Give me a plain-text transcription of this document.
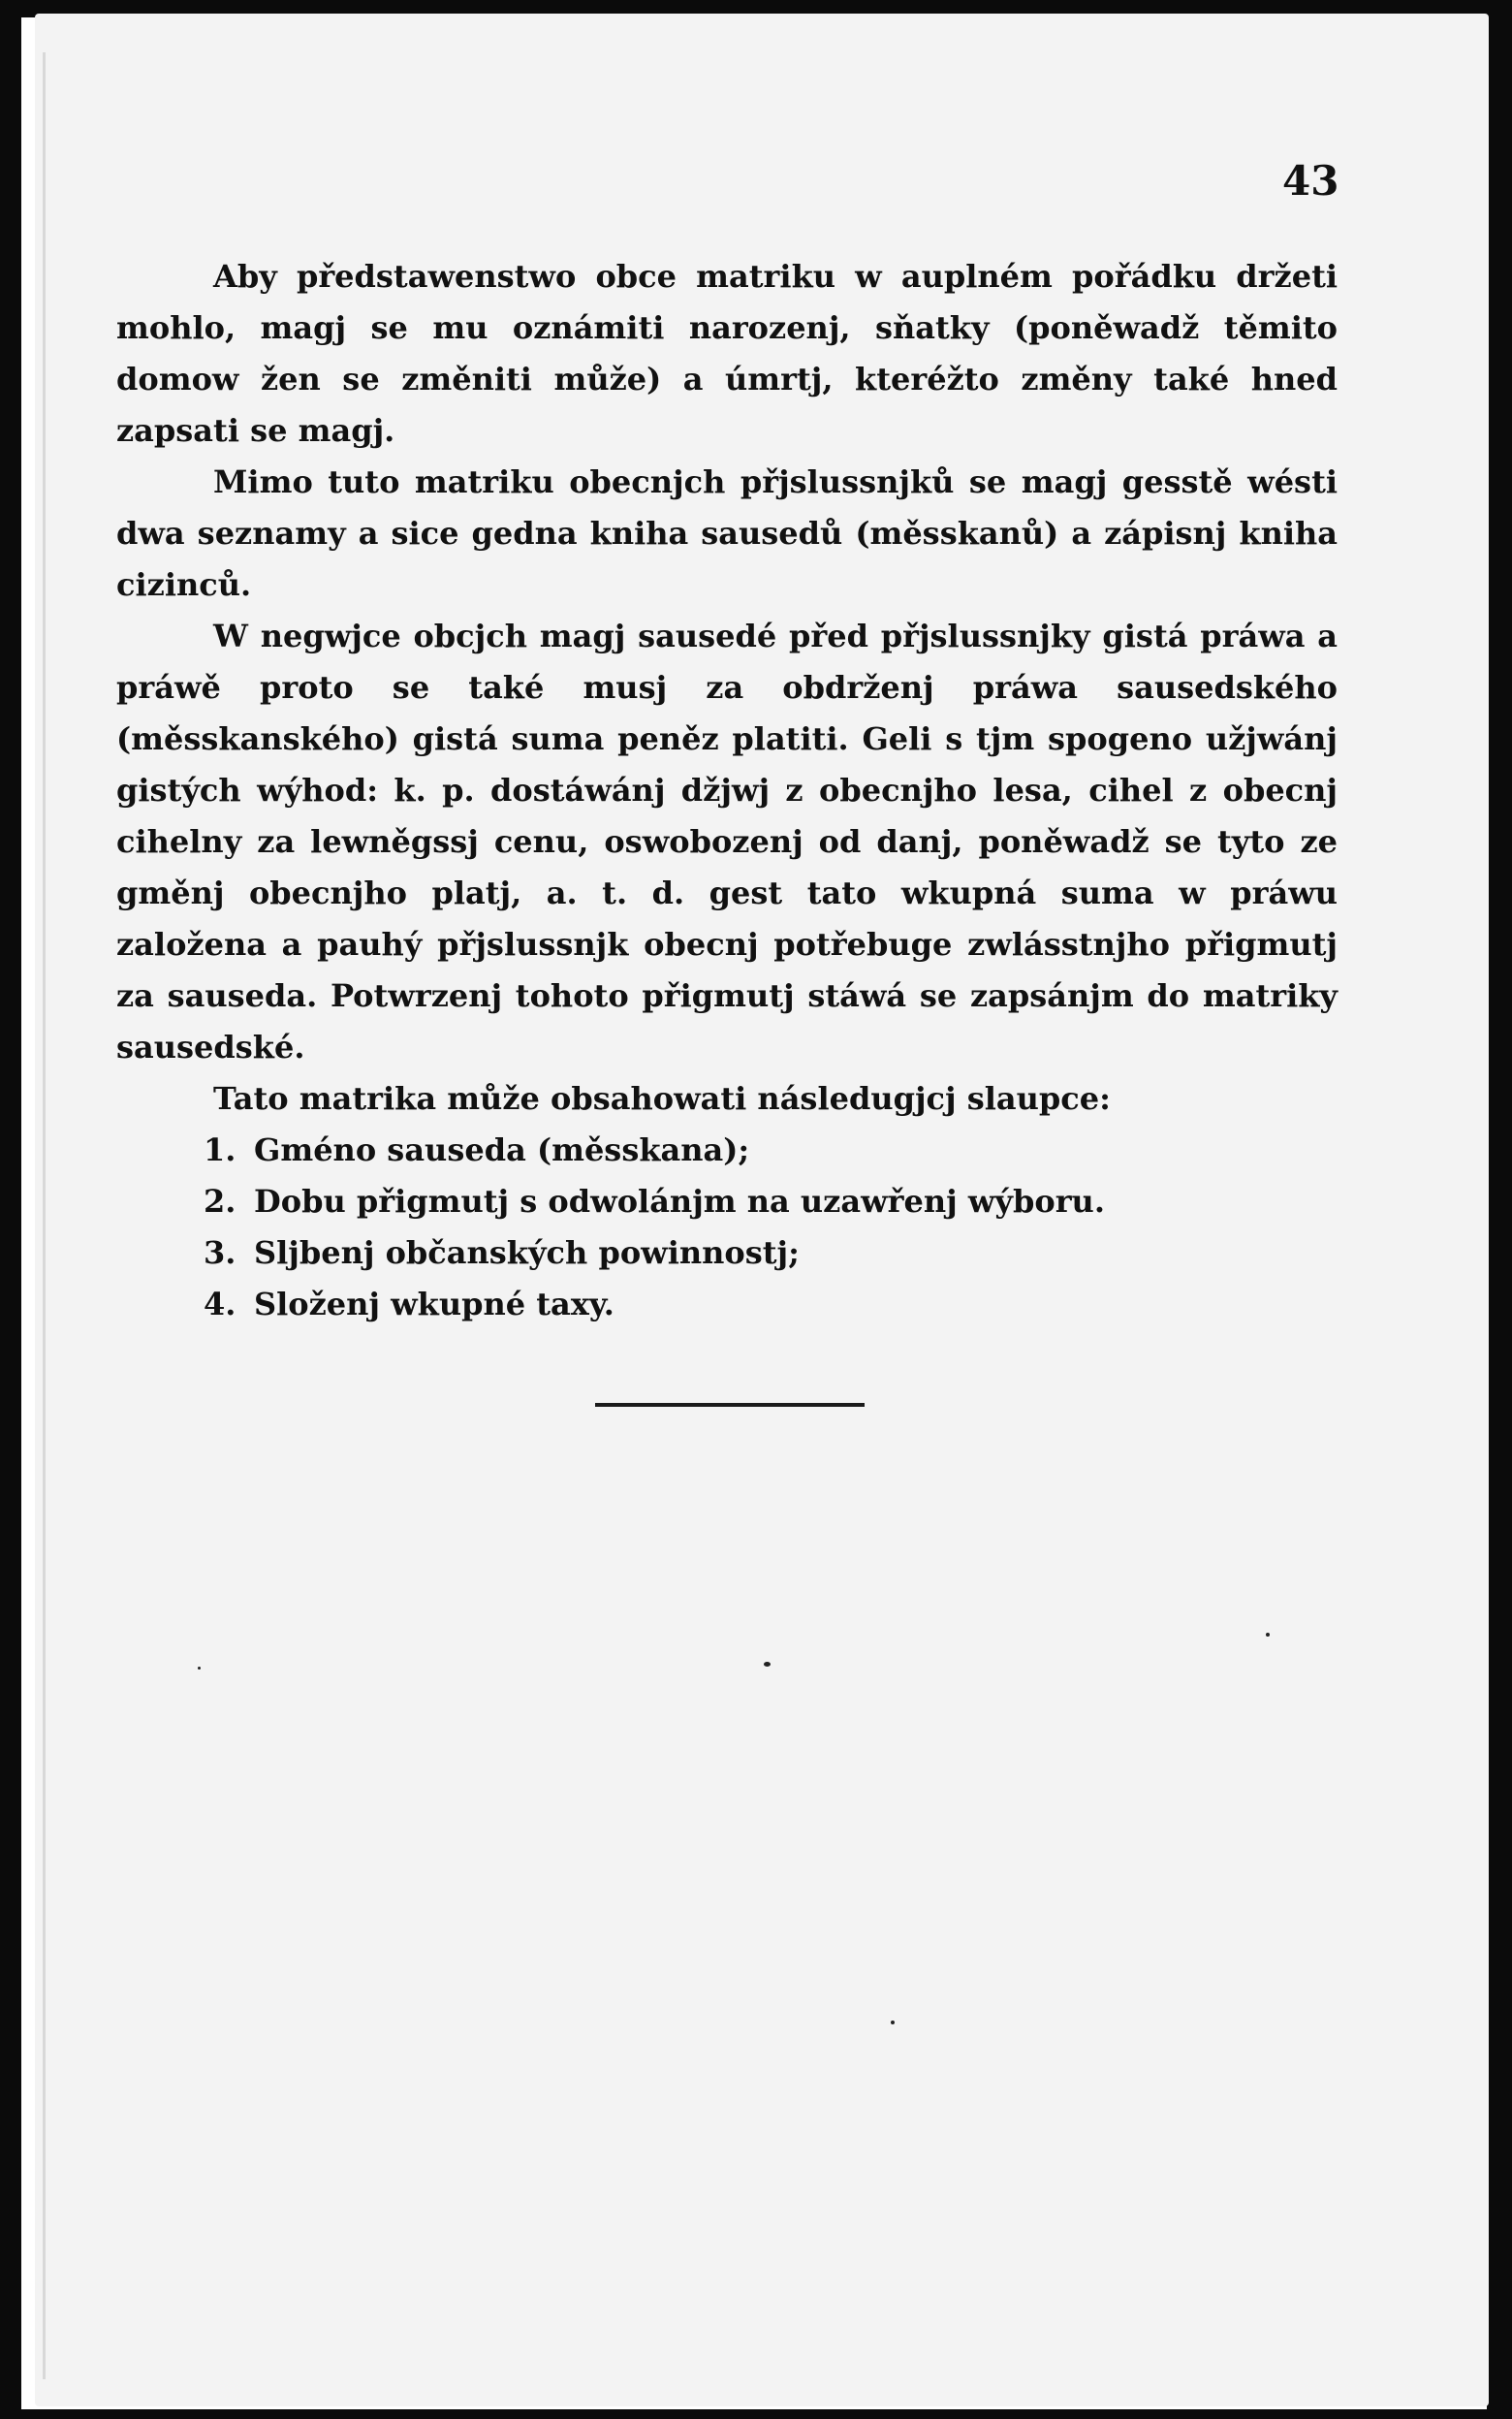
43

Aby předstawenstwo obce matriku w auplném pořádku držeti mohlo, magj se mu oznámiti narozenj, sňatky (poněwadž těmito domow žen se změniti může) a úmrtj, kteréžto změny také hned zapsati se magj.

Mimo tuto matriku obecnjch přjslussnjků se magj gesstě wésti dwa seznamy a sice gedna kniha sausedů (měsskanů) a zápisnj kniha cizinců.

W negwjce obcjch magj sausedé před přjslussnjky gistá práwa a práwě proto se také musj za obdrženj práwa sausedského (měsskanského) gistá suma peněz platiti. Geli s tjm spogeno užjwánj gistých wýhod: k. p. dostáwánj džjwj z obecnjho lesa, cihel z obecnj cihelny za lewněgssj cenu, oswobozenj od danj, poněwadž se tyto ze gměnj obecnjho platj, a. t. d. gest tato wkupná suma w práwu založena a pauhý přjslussnjk obecnj potřebuge zwlásstnjho přigmutj za sauseda. Potwrzenj tohoto přigmutj stáwá se zapsánjm do matriky sausedské.

Tato matrika může obsahowati následugjcj slaupce:

1. Gméno sauseda (měsskana);
2. Dobu přigmutj s odwolánjm na uzawřenj wýboru.
3. Sljbenj občanských powinnostj;
4. Složenj wkupné taxy.
